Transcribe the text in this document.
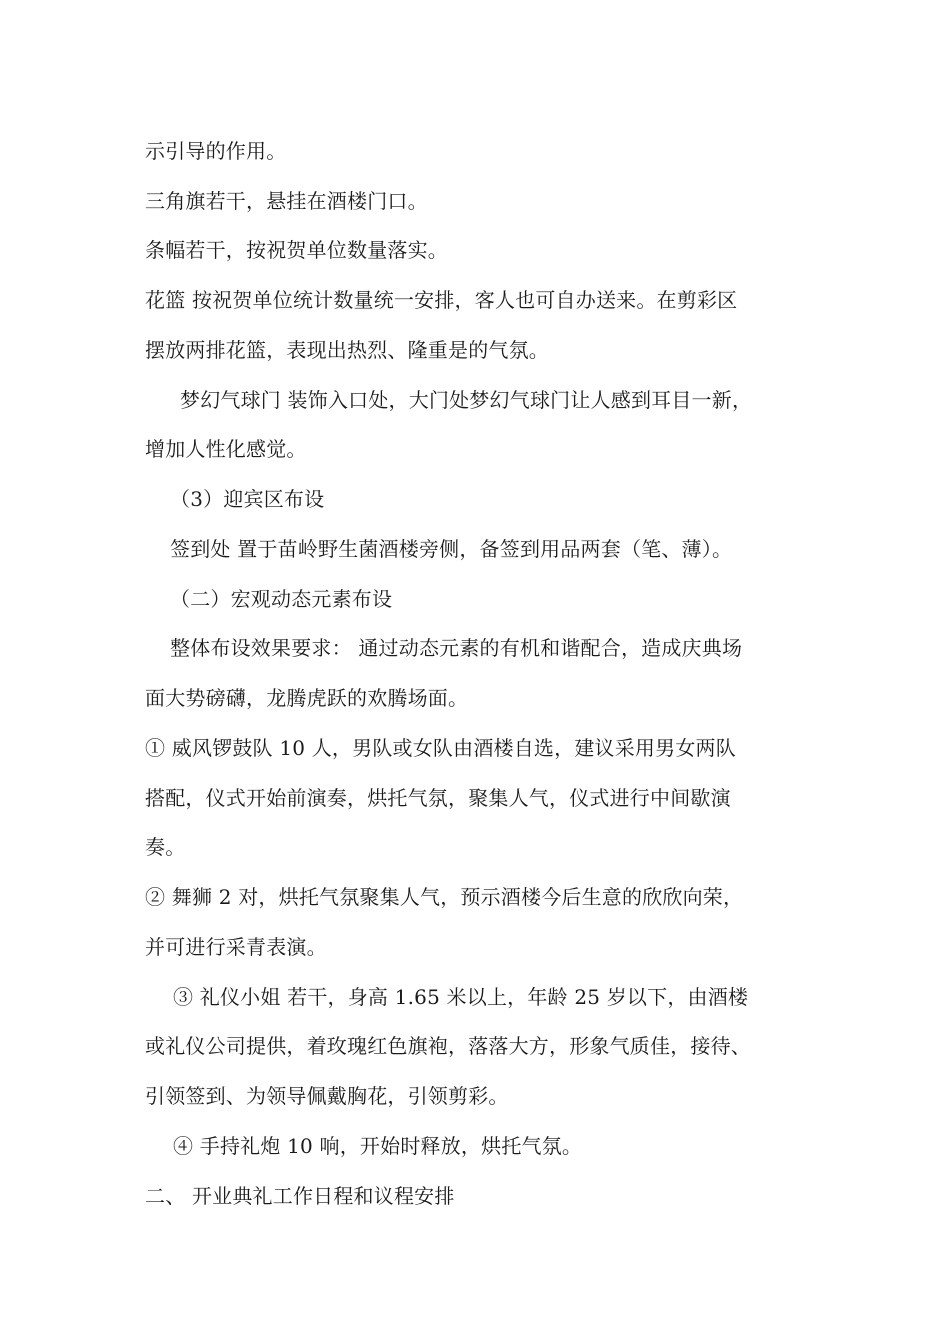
示引导的作用。
三角旗若干，悬挂在酒楼门口。
条幅若干，按祝贺单位数量落实。
花篮 按祝贺单位统计数量统一安排，客人也可自办送来。在剪彩区
摆放两排花篮，表现出热烈、隆重是的气氛。
梦幻气球门 装饰入口处，大门处梦幻气球门让人感到耳目一新，
增加人性化感觉。
（3）迎宾区布设
签到处 置于苗岭野生菌酒楼旁侧，备签到用品两套（笔、薄）。
（二）宏观动态元素布设
整体布设效果要求： 通过动态元素的有机和谐配合，造成庆典场
面大势磅礴，龙腾虎跃的欢腾场面。
① 威风锣鼓队 10 人，男队或女队由酒楼自选，建议采用男女两队
搭配，仪式开始前演奏，烘托气氛，聚集人气，仪式进行中间歇演
奏。
② 舞狮 2 对，烘托气氛聚集人气，预示酒楼今后生意的欣欣向荣，
并可进行采青表演。
③ 礼仪小姐 若干，身高 1.65 米以上，年龄 25 岁以下，由酒楼
或礼仪公司提供，着玫瑰红色旗袍，落落大方，形象气质佳，接待、
引领签到、为领导佩戴胸花，引领剪彩。
④ 手持礼炮 10 响，开始时释放，烘托气氛。
二、 开业典礼工作日程和议程安排
